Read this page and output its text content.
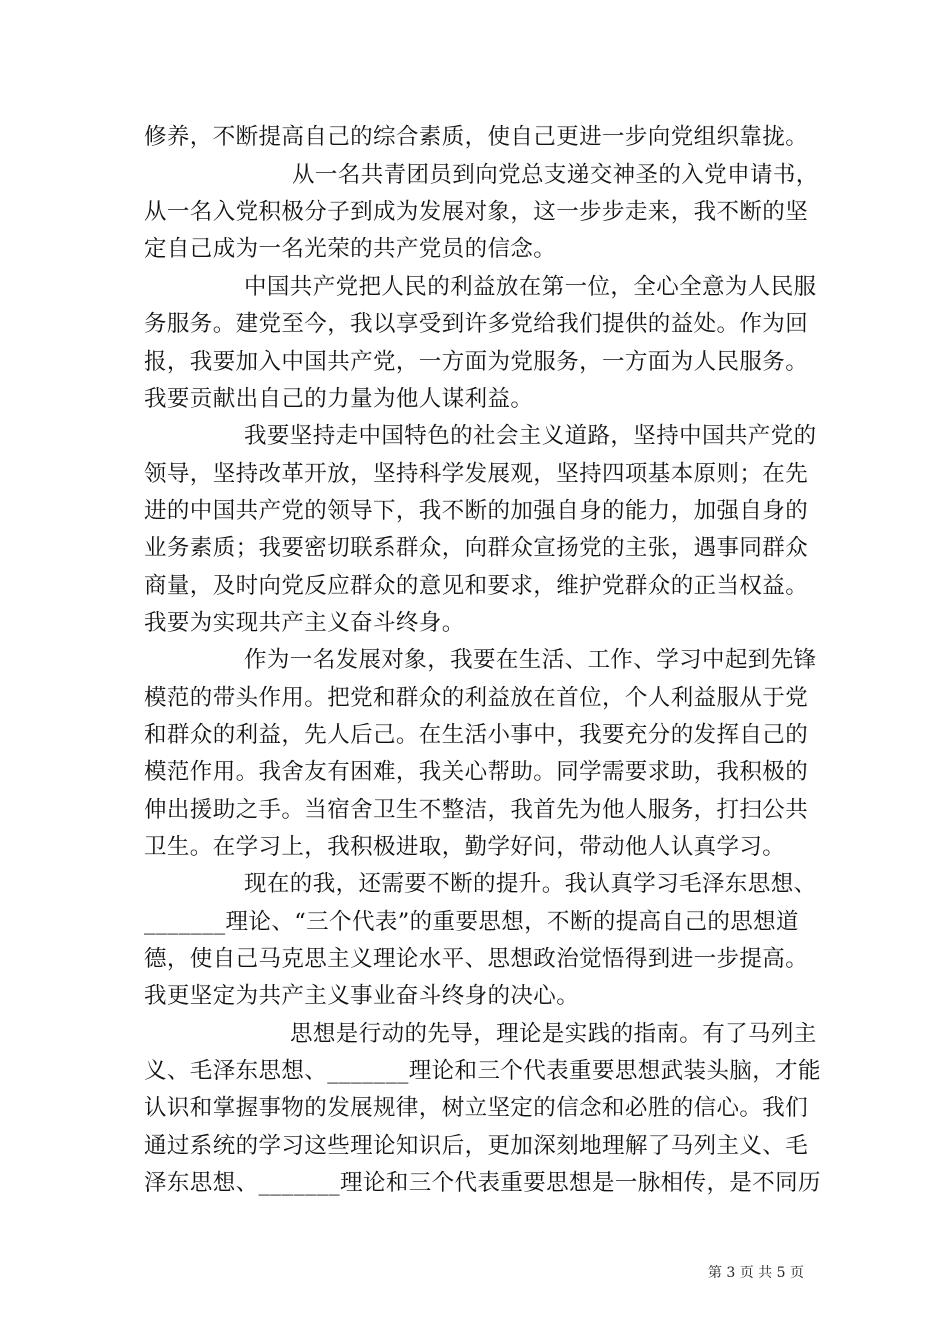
修养，不断提高自己的综合素质，使自己更进一步向党组织靠拢。
从一名共青团员到向党总支递交神圣的入党申请书，
从一名入党积极分子到成为发展对象，这一步步走来，我不断的坚
定自己成为一名光荣的共产党员的信念。
中国共产党把人民的利益放在第一位，全心全意为人民服
务服务。建党至今，我以享受到许多党给我们提供的益处。作为回
报，我要加入中国共产党，一方面为党服务，一方面为人民服务。
我要贡献出自己的力量为他人谋利益。
我要坚持走中国特色的社会主义道路，坚持中国共产党的
领导，坚持改革开放，坚持科学发展观，坚持四项基本原则；在先
进的中国共产党的领导下，我不断的加强自身的能力，加强自身的
业务素质；我要密切联系群众，向群众宣扬党的主张，遇事同群众
商量，及时向党反应群众的意见和要求，维护党群众的正当权益。
我要为实现共产主义奋斗终身。
作为一名发展对象，我要在生活、工作、学习中起到先锋
模范的带头作用。把党和群众的利益放在首位，个人利益服从于党
和群众的利益，先人后己。在生活小事中，我要充分的发挥自己的
模范作用。我舍友有困难，我关心帮助。同学需要求助，我积极的
伸出援助之手。当宿舍卫生不整洁，我首先为他人服务，打扫公共
卫生。在学习上，我积极进取，勤学好问，带动他人认真学习。
现在的我，还需要不断的提升。我认真学习毛泽东思想、
_______理论、“三个代表”的重要思想，不断的提高自己的思想道
德，使自己马克思主义理论水平、思想政治觉悟得到进一步提高。
我更坚定为共产主义事业奋斗终身的决心。
思想是行动的先导，理论是实践的指南。有了马列主
义、毛泽东思想、_______理论和三个代表重要思想武装头脑，才能
认识和掌握事物的发展规律，树立坚定的信念和必胜的信心。我们
通过系统的学习这些理论知识后，更加深刻地理解了马列主义、毛
泽东思想、_______理论和三个代表重要思想是一脉相传，是不同历
第 3 页 共 5 页
